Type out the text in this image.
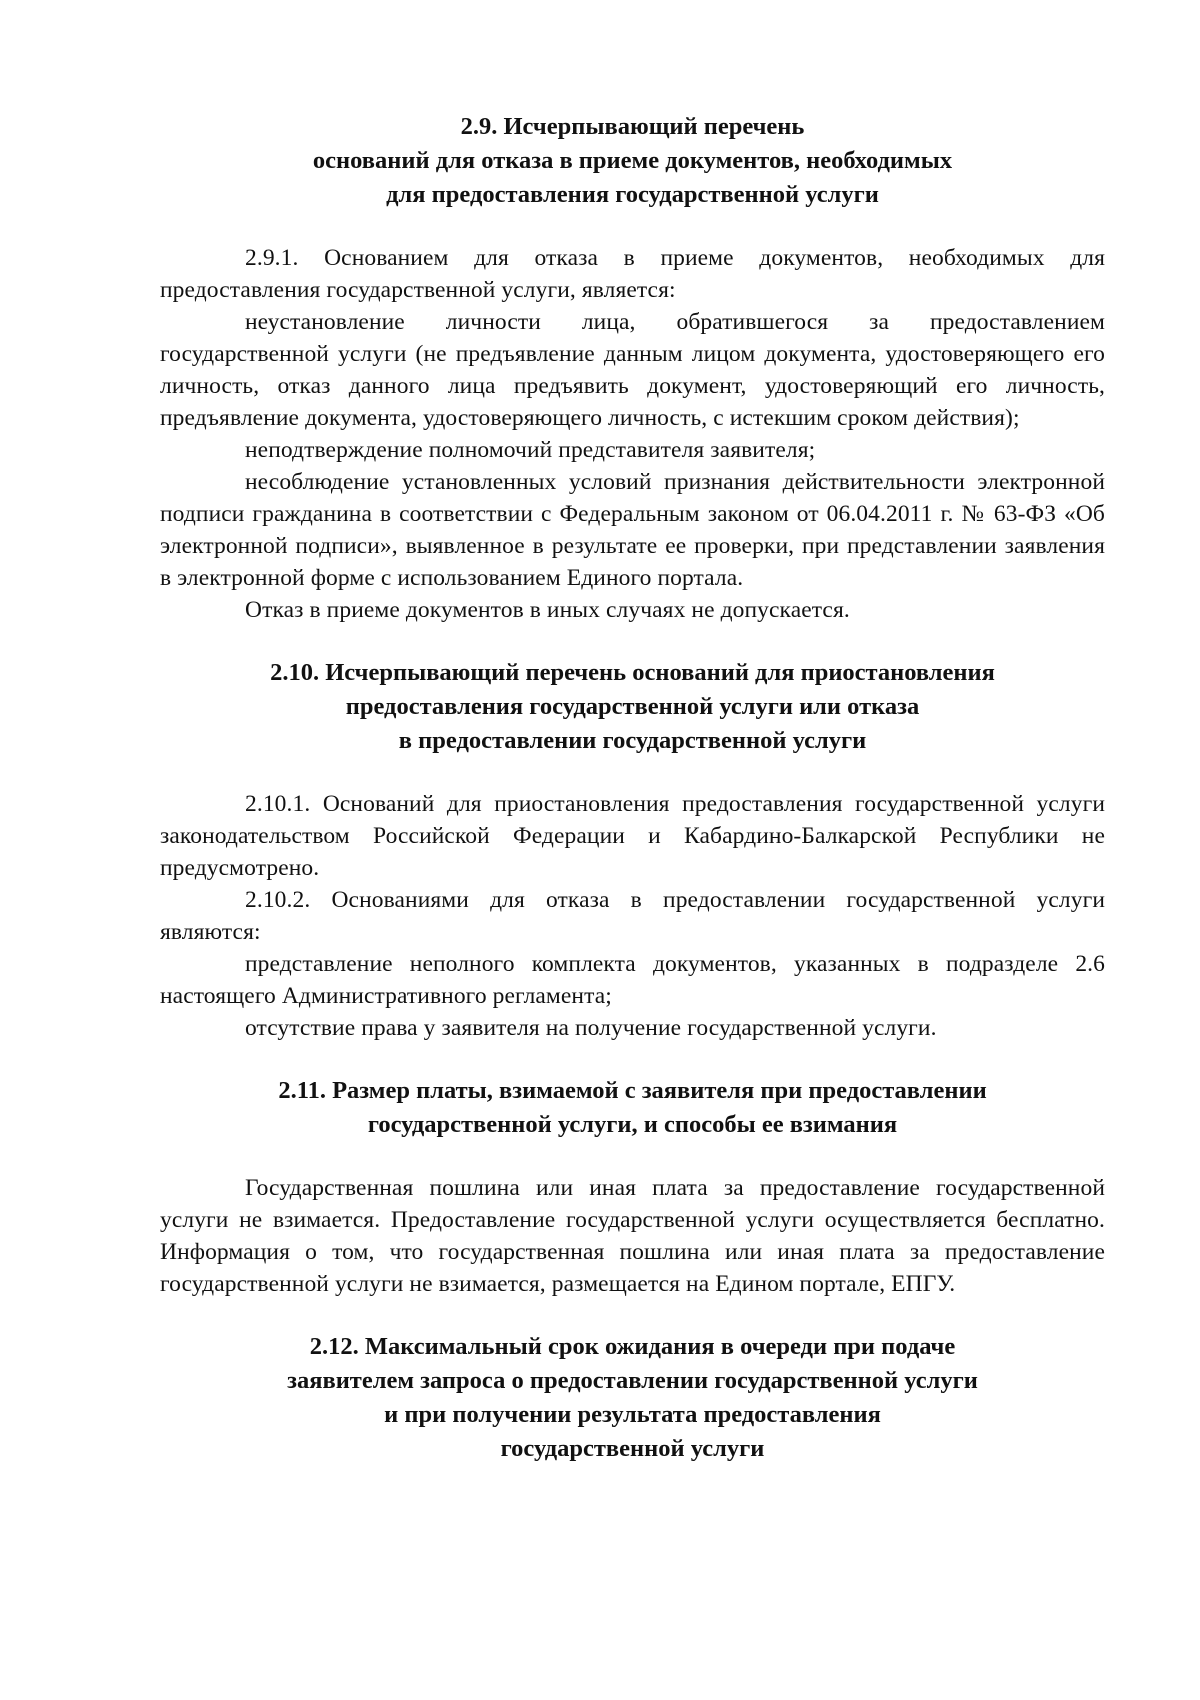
2.9. Исчерпывающий перечень
оснований для отказа в приеме документов, необходимых
для предоставления государственной услуги

2.9.1. Основанием для отказа в приеме документов, необходимых для предоставления государственной услуги, является:

неустановление личности лица, обратившегося за предоставлением государственной услуги (не предъявление данным лицом документа, удостоверяющего его личность, отказ данного лица предъявить документ, удостоверяющий его личность, предъявление документа, удостоверяющего личность, с истекшим сроком действия);

неподтверждение полномочий представителя заявителя;

несоблюдение установленных условий признания действительности электронной подписи гражданина в соответствии с Федеральным законом от 06.04.2011 г. № 63-ФЗ «Об электронной подписи», выявленное в результате ее проверки, при представлении заявления в электронной форме с использованием Единого портала.

Отказ в приеме документов в иных случаях не допускается.

2.10. Исчерпывающий перечень оснований для приостановления
предоставления государственной услуги или отказа
в предоставлении государственной услуги

2.10.1. Оснований для приостановления предоставления государственной услуги законодательством Российской Федерации и Кабардино-Балкарской Республики не предусмотрено.

2.10.2. Основаниями для отказа в предоставлении государственной услуги являются:

представление неполного комплекта документов, указанных в подразделе 2.6 настоящего Административного регламента;

отсутствие права у заявителя на получение государственной услуги.

2.11. Размер платы, взимаемой с заявителя при предоставлении
государственной услуги, и способы ее взимания

Государственная пошлина или иная плата за предоставление государственной услуги не взимается. Предоставление государственной услуги осуществляется бесплатно. Информация о том, что государственная пошлина или иная плата за предоставление государственной услуги не взимается, размещается на Едином портале, ЕПГУ.

2.12. Максимальный срок ожидания в очереди при подаче
заявителем запроса о предоставлении государственной услуги
и при получении результата предоставления
государственной услуги
